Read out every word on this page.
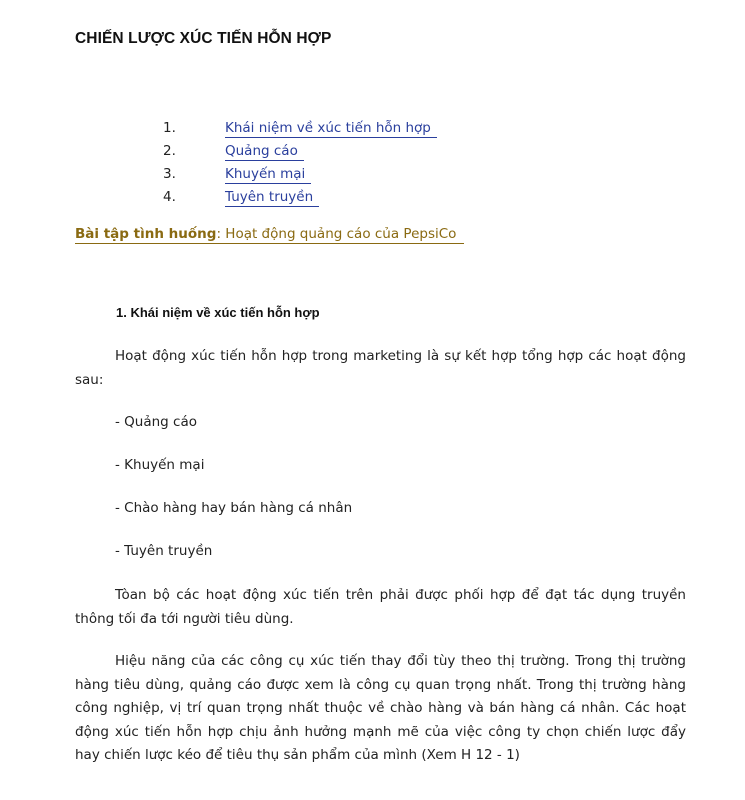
CHIẾN LƯỢC XÚC TIẾN HỖN HỢP
1.	Khái niệm về xúc tiến hỗn hợp
2.	Quảng cáo
3.	Khuyến mại
4.	Tuyên truyền
Bài tập tình huống: Hoạt động quảng cáo của PepsiCo
1. Khái niệm về xúc tiến hỗn hợp

Hoạt động xúc tiến hỗn hợp trong marketing là sự kết hợp tổng hợp các hoạt động sau:

- Quảng cáo

- Khuyến mại

- Chào hàng hay bán hàng cá nhân

- Tuyên truyền

Tòan bộ các hoạt động xúc tiến trên phải được phối hợp để đạt tác dụng truyền thông tối đa tới người tiêu dùng.

Hiệu năng của các công cụ xúc tiến thay đổi tùy theo thị trường. Trong thị trường hàng tiêu dùng, quảng cáo được xem là công cụ quan trọng nhất. Trong thị trường hàng công nghiệp, vị trí quan trọng nhất thuộc về chào hàng và bán hàng cá nhân. Các hoạt động xúc tiến hỗn hợp chịu ảnh hưởng mạnh mẽ của việc công ty chọn chiến lược đẩy hay chiến lược kéo để tiêu thụ sản phẩm của mình (Xem H 12 - 1)
